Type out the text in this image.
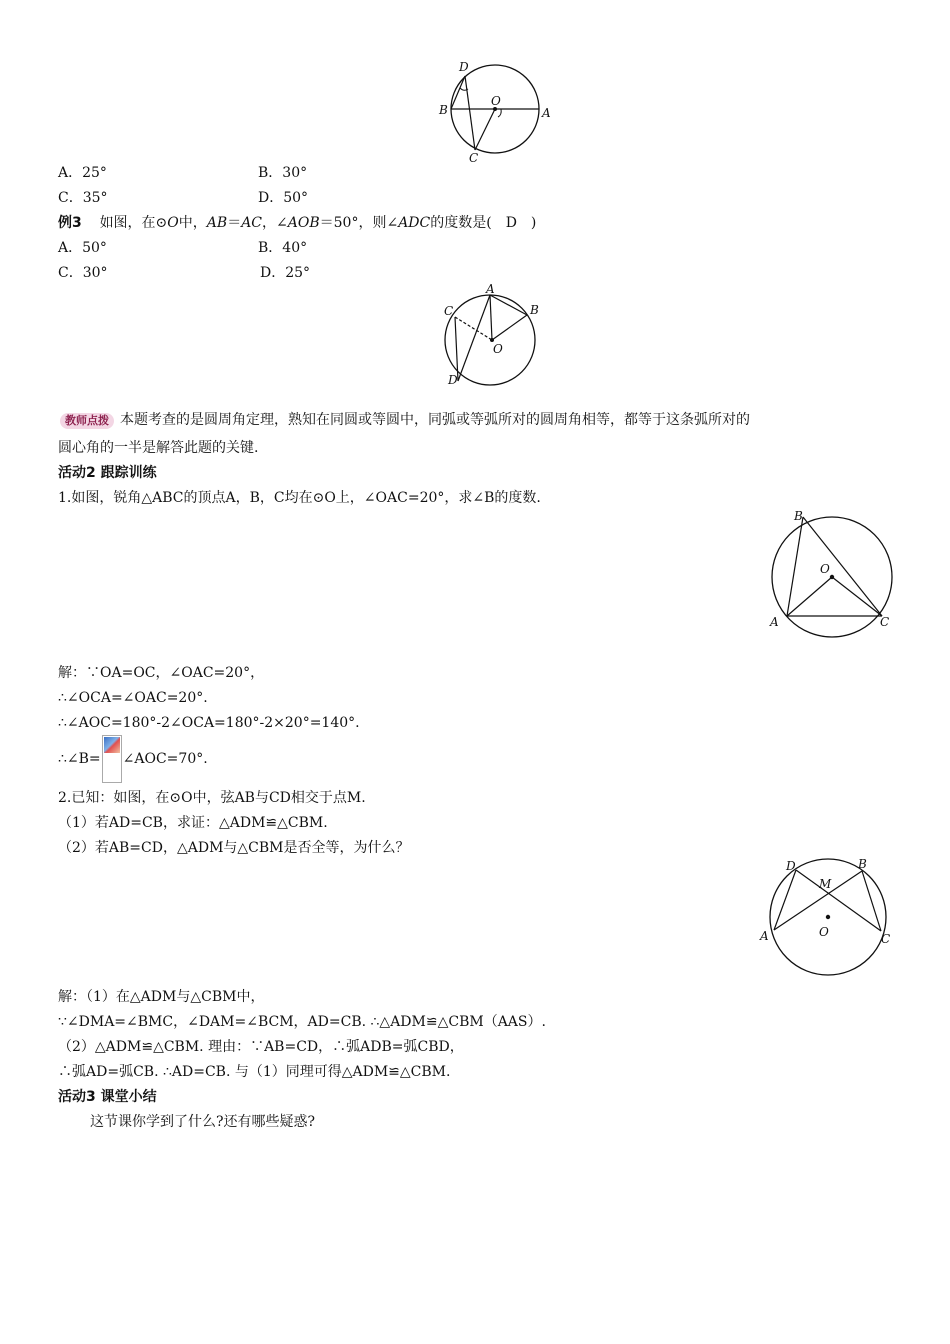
D
B
O
A
C
A．25°	B．30°
C．35°	D．50°
例3 如图，在⊙O中，AB＝AC，∠AOB＝50°，则∠ADC的度数是(　D　)
A．50°	B．40°
C．30°	D．25°
C
A
B
O
D
教师点拨 本题考查的是圆周角定理，熟知在同圆或等圆中，同弧或等弧所对的圆周角相等，都等于这条弧所对的
圆心角的一半是解答此题的关键.
活动2 跟踪训练
1.如图，锐角△ABC的顶点A，B，C均在⊙O上，∠OAC=20°，求∠B的度数.
B
O
A	C
解：∵OA=OC，∠OAC=20°，
∴∠OCA=∠OAC=20°.
∴∠AOC=180°-2∠OCA=180°-2×20°=140°.
∴∠B= ∠AOC=70°.
2.已知：如图，在⊙O中，弦AB与CD相交于点M.
（1）若AD=CB，求证：△ADM≌△CBM.
（2）若AB=CD，△ADM与△CBM是否全等，为什么？
D
M
B
A	O	C
解：（1）在△ADM与△CBM中，
∵∠DMA=∠BMC，∠DAM=∠BCM，AD=CB. ∴△ADM≌△CBM（AAS）.
（2）△ADM≌△CBM. 理由：∵AB=CD，∴弧ADB=弧CBD，
∴弧AD=弧CB. ∴AD=CB. 与（1）同理可得△ADM≌△CBM.
活动3 课堂小结
这节课你学到了什么?还有哪些疑惑?
